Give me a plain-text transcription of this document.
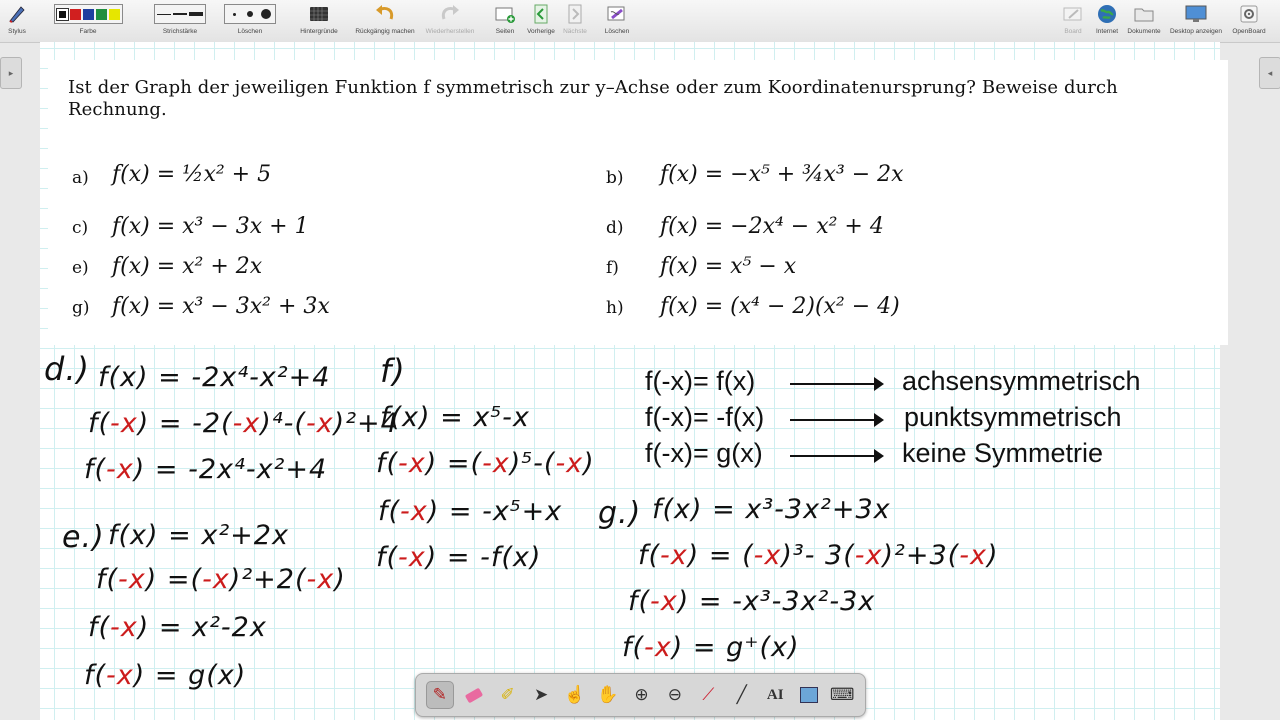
Stylus	Farbe	Strichstärke	Löschen	Hintergründe	Rückgängig machen Wiederherstellen	Seiten Vorherige Nächste	Löschen	Board Internet Dokumente Desktop anzeigen OpenBoard
▸	◂
Ist der Graph der jeweiligen Funktion f symmetrisch zur y–Achse oder zum Koordinatenursprung? Beweise durch Rechnung.
a) f(x) = ½x² + 5	b) f(x) = −x⁵ + ¾x³ − 2x
c) f(x) = x³ − 3x + 1	d) f(x) = −2x⁴ − x² + 4
e) f(x) = x² + 2x	f) f(x) = x⁵ − x
g) f(x) = x³ − 3x² + 3x	h) f(x) = (x⁴ − 2)(x² − 4)
f(-x)= f(x)	achsensymmetrisch
f(-x)= -f(x)	punktsymmetrisch
f(-x)= g(x)	keine Symmetrie
d.) f(x) = -2x⁴-x²+4
f(-x) = -2(-x)⁴-(-x)²+4
f(-x) = -2x⁴-x²+4
e.) f(x) = x²+2x
f(-x) =(-x)²+2(-x)
f(-x) = x²-2x
f(-x) = g(x)
f)
f(x) = x⁵-x
f(-x) =(-x)⁵-(-x)
f(-x) = -x⁵+x
f(-x) = -f(x)
g.) f(x) = x³-3x²+3x
f(-x) = (-x)³- 3(-x)²+3(-x)
f(-x) = -x³-3x²-3x
f(-x) = g⁺(x)
✎	✐ ➤ ☝ ✋ ⊕ ⊖ ⟋ ╱ AI	⌨
